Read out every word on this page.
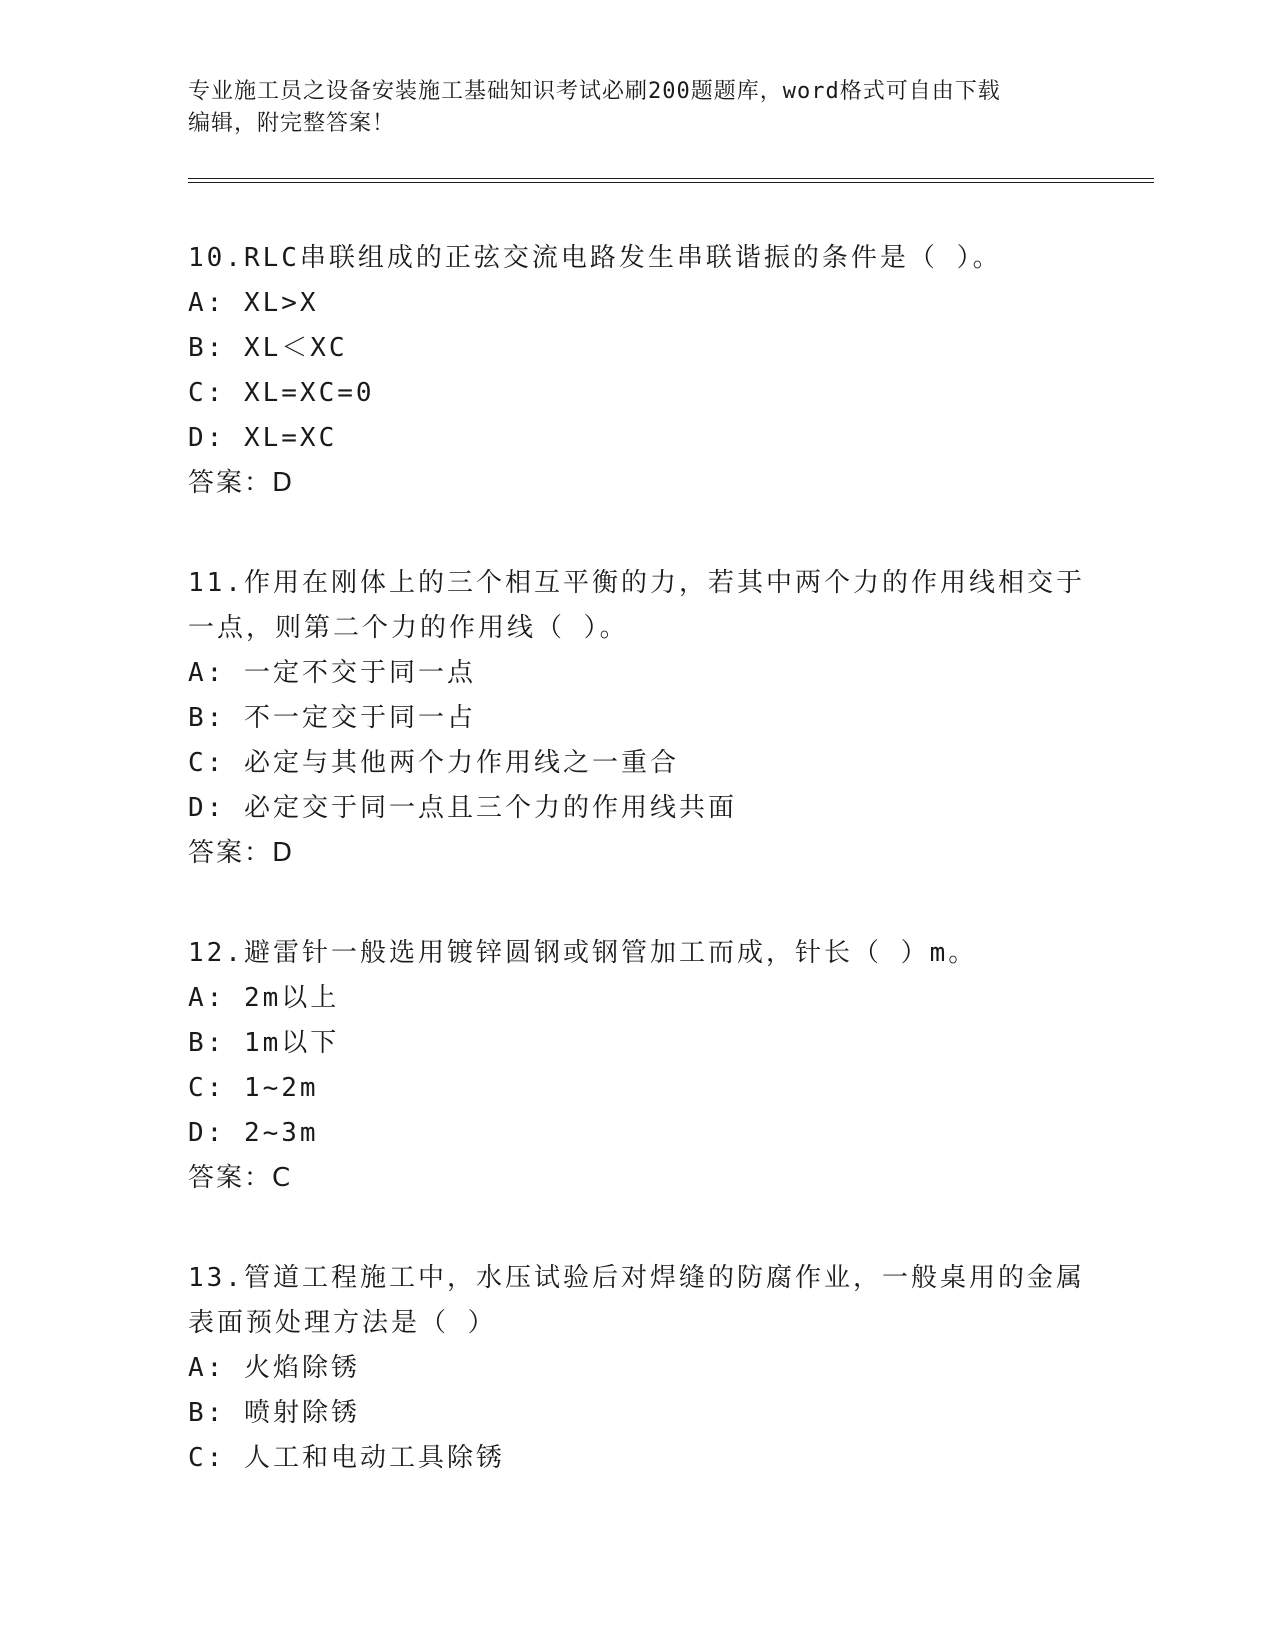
专业施工员之设备安装施工基础知识考试必刷200题题库，word格式可自由下载
编辑，附完整答案！
10.RLC串联组成的正弦交流电路发生串联谐振的条件是（ ）。
A: XL>X
B: XL＜XC
C: XL=XC=0
D: XL=XC
答案：D
11.作用在刚体上的三个相互平衡的力，若其中两个力的作用线相交于
一点，则第二个力的作用线（ ）。
A: 一定不交于同一点
B: 不一定交于同一占
C: 必定与其他两个力作用线之一重合
D: 必定交于同一点且三个力的作用线共面
答案：D
12.避雷针一般选用镀锌圆钢或钢管加工而成，针长（ ）m。
A: 2m以上
B: 1m以下
C: 1~2m
D: 2~3m
答案：C
13.管道工程施工中，水压试验后对焊缝的防腐作业，一般桌用的金属
表面预处理方法是（ ）
A: 火焰除锈
B: 喷射除锈
C: 人工和电动工具除锈
